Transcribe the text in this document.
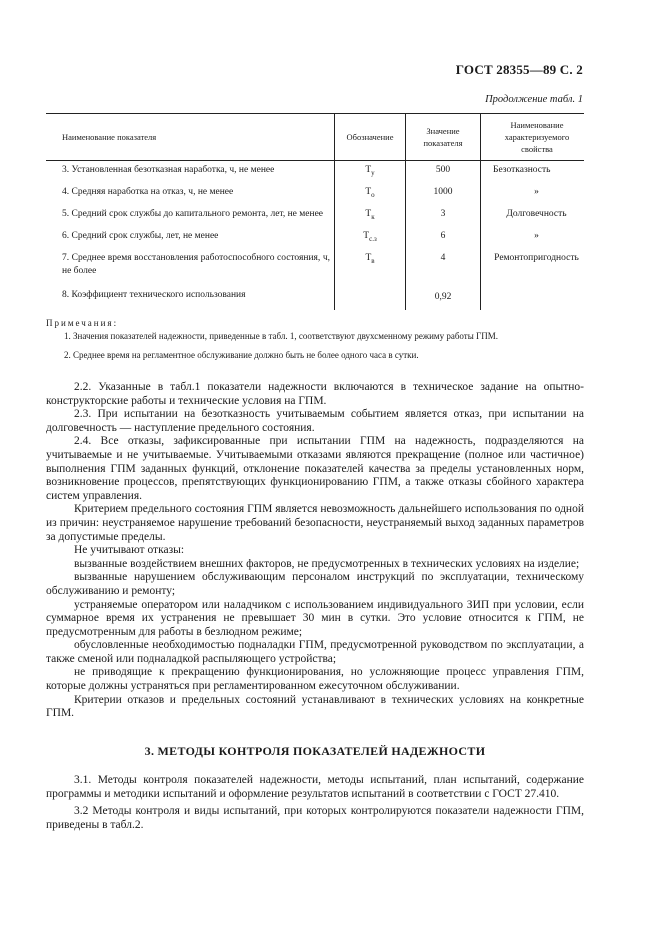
ГОСТ 28355—89 С. 2
Продолжение табл. 1
Наименование показателя	Обозначение	Значение показателя	Наименование характеризуемого свойства
3. Установленная безотказная наработка, ч, не менее	$Т_у$	500	Безотказность
4. Средняя наработка на отказ, ч, не менее	$Т_о$	1000	»
5. Средний срок службы до капитального ремонта, лет, не менее	$Т_к$	3	Долговечность
6. Средний срок службы, лет, не менее	$Т_{с.з}$	6	»
7. Среднее время восстановления работоспособного состояния, ч, не более	$Т_в$	4	Ремонтопригодность
8. Коэффициент технического использования		0,92	
Примечания:

1. Значения показателей надежности, приведенные в табл. 1, соответствуют двухсменному режиму работы ГПМ.

2. Среднее время на регламентное обслуживание должно быть не более одного часа в сутки.

2.2. Указанные в табл.1 показатели надежности включаются в техническое задание на опытно-конструкторские работы и технические условия на ГПМ.

2.3. При испытании на безотказность учитываемым событием является отказ, при испытании на долговечность — наступление предельного состояния.

2.4. Все отказы, зафиксированные при испытании ГПМ на надежность, подразделяются на учитываемые и не учитываемые. Учитываемыми отказами являются прекращение (полное или частичное) выполнения ГПМ заданных функций, отклонение показателей качества за пределы установленных норм, возникновение процессов, препятствующих функционированию ГПМ, а также отказы сбойного характера систем управления.

Критерием предельного состояния ГПМ является невозможность дальнейшего использования по одной из причин: неустраняемое нарушение требований безопасности, неустраняемый выход заданных параметров за допустимые пределы.

Не учитывают отказы:

вызванные воздействием внешних факторов, не предусмотренных в технических условиях на изделие;

вызванные нарушением обслуживающим персоналом инструкций по эксплуатации, техническому обслуживанию и ремонту;

устраняемые оператором или наладчиком с использованием индивидуального ЗИП при условии, если суммарное время их устранения не превышает 30 мин в сутки. Это условие относится к ГПМ, не предусмотренным для работы в безлюдном режиме;

обусловленные необходимостью подналадки ГПМ, предусмотренной руководством по эксплуатации, а также сменой или подналадкой распыляющего устройства;

не приводящие к прекращению функционирования, но усложняющие процесс управления ГПМ, которые должны устраняться при регламентированном ежесуточном обслуживании.

Критерии отказов и предельных состояний устанавливают в технических условиях на конкретные ГПМ.

3. МЕТОДЫ КОНТРОЛЯ ПОКАЗАТЕЛЕЙ НАДЕЖНОСТИ

3.1. Методы контроля показателей надежности, методы испытаний, план испытаний, содержание программы и методики испытаний и оформление результатов испытаний в соответствии с ГОСТ 27.410.

3.2 Методы контроля и виды испытаний, при которых контролируются показатели надежности ГПМ, приведены в табл.2.
